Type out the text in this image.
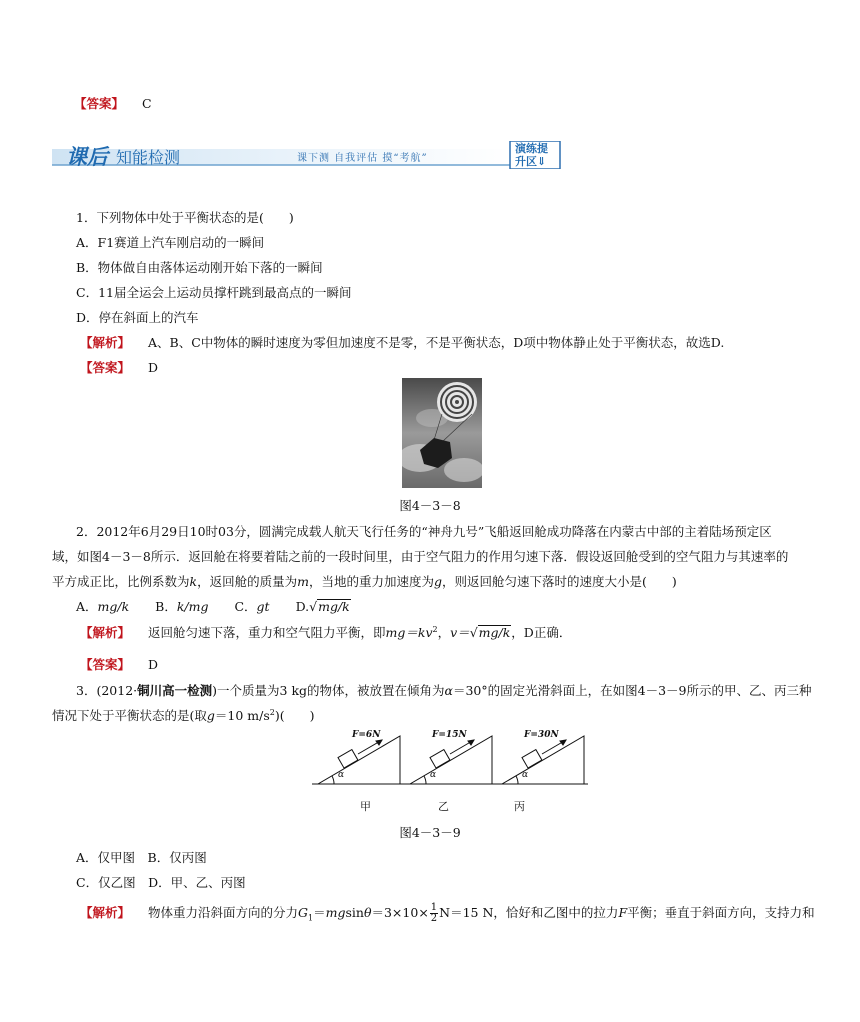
【答案】 C
课后 知能检测	课下测 自我评估 摸“考航”
演练提
升区⇓
1．下列物体中处于平衡状态的是(　　)
A．F1赛道上汽车刚启动的一瞬间
B．物体做自由落体运动刚开始下落的一瞬间
C．11届全运会上运动员撑杆跳到最高点的一瞬间
D．停在斜面上的汽车
【解析】 A、B、C中物体的瞬时速度为零但加速度不是零，不是平衡状态，D项中物体静止处于平衡状态，故选D.
【答案】 D
图4－3－8
2．2012年6月29日10时03分，圆满完成载人航天飞行任务的“神舟九号”飞船返回舱成功降落在内蒙古中部的主着陆场预定区
域，如图4－3－8所示．返回舱在将要着陆之前的一段时间里，由于空气阻力的作用匀速下落．假设返回舱受到的空气阻力与其速率的
平方成正比，比例系数为k，返回舱的质量为m，当地的重力加速度为g，则返回舱匀速下落时的速度大小是(　　)
A．mg/k B．k/mg C．gt D.√mg/k
【解析】 返回舱匀速下落，重力和空气阻力平衡，即$mg=kv^2$，v＝√mg/k，D正确．
【答案】 D
3．(2012·铜川高一检测)一个质量为3 kg的物体，被放置在倾角为α＝30°的固定光滑斜面上，在如图4－3－9所示的甲、乙、丙三种
情况下处于平衡状态的是(取g＝10 $m/s^2$)(　　)
F=6N	F=15N	F=30N
α	α	α
甲	乙	丙
图4－3－9
A．仅甲图　B．仅丙图
C．仅乙图　D．甲、乙、丙图
【解析】 物体重力沿斜面方向的分力$G_1=mgsin\theta=3\times 10\times \frac{1}{2} N=15$ N，恰好和乙图中的拉力F平衡；垂直于斜面方向，支持力和
